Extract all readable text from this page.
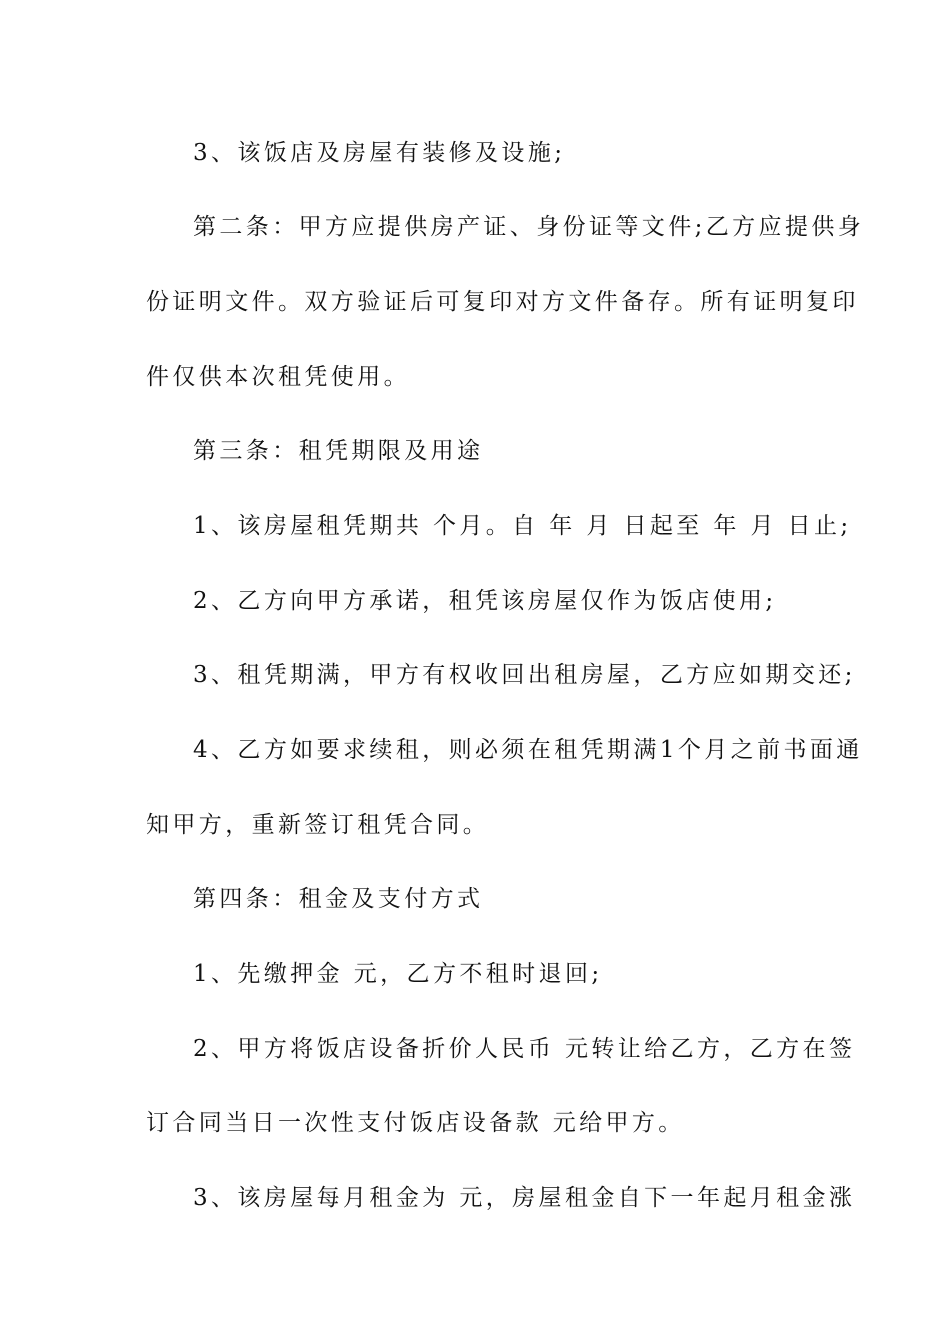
3、该饭店及房屋有装修及设施;

第二条：甲方应提供房产证、身份证等文件;乙方应提供身

份证明文件。双方验证后可复印对方文件备存。所有证明复印

件仅供本次租凭使用。

第三条：租凭期限及用途

1、该房屋租凭期共 个月。自 年 月 日起至 年 月 日止;

2、乙方向甲方承诺，租凭该房屋仅作为饭店使用;

3、租凭期满，甲方有权收回出租房屋，乙方应如期交还;

4、乙方如要求续租，则必须在租凭期满1个月之前书面通

知甲方，重新签订租凭合同。

第四条：租金及支付方式

1、先缴押金 元，乙方不租时退回;

2、甲方将饭店设备折价人民币 元转让给乙方，乙方在签

订合同当日一次性支付饭店设备款 元给甲方。

3、该房屋每月租金为 元，房屋租金自下一年起月租金涨
